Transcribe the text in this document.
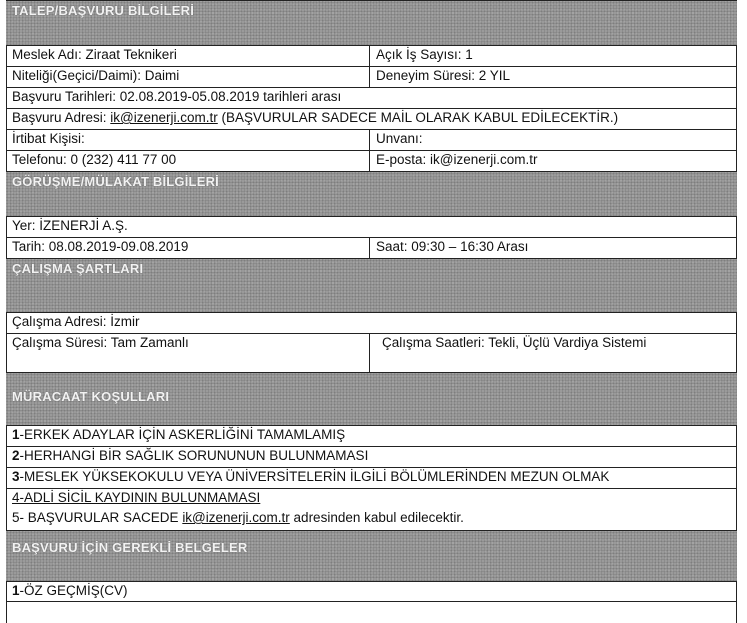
TALEP/BAŞVURU BİLGİLERİ
Meslek Adı: Ziraat Teknikeri	Açık İş Sayısı: 1
Niteliği(Geçici/Daimi): Daimi	Deneyim Süresi: 2 YIL
Başvuru Tarihleri: 02.08.2019-05.08.2019 tarihleri arası
Başvuru Adresi: ik@izenerji.com.tr (BAŞVURULAR SADECE MAİL OLARAK KABUL EDİLECEKTİR.)
İrtibat Kişisi:	Unvanı:
Telefonu: 0 (232) 411 77 00	E-posta: ik@izenerji.com.tr
GÖRÜŞME/MÜLAKAT BİLGİLERİ
Yer: İZENERJİ A.Ş.
Tarih: 08.08.2019-09.08.2019	Saat: 09:30 – 16:30 Arası
ÇALIŞMA ŞARTLARI
Çalışma Adresi: İzmir
Çalışma Süresi: Tam Zamanlı	Çalışma Saatleri: Tekli, Üçlü Vardiya Sistemi
MÜRACAAT KOŞULLARI
1-ERKEK ADAYLAR İÇİN ASKERLİĞİNİ TAMAMLAMIŞ
2-HERHANGİ BİR SAĞLIK SORUNUNUN BULUNMAMASI
3-MESLEK YÜKSEKOKULU VEYA ÜNİVERSİTELERİN İLGİLİ BÖLÜMLERİNDEN MEZUN OLMAK
4-ADLİ SİCİL KAYDININ BULUNMAMASI
5- BAŞVURULAR SACEDE ik@izenerji.com.tr adresinden kabul edilecektir.
BAŞVURU İÇİN GEREKLİ BELGELER
1-ÖZ GEÇMİŞ(CV)
